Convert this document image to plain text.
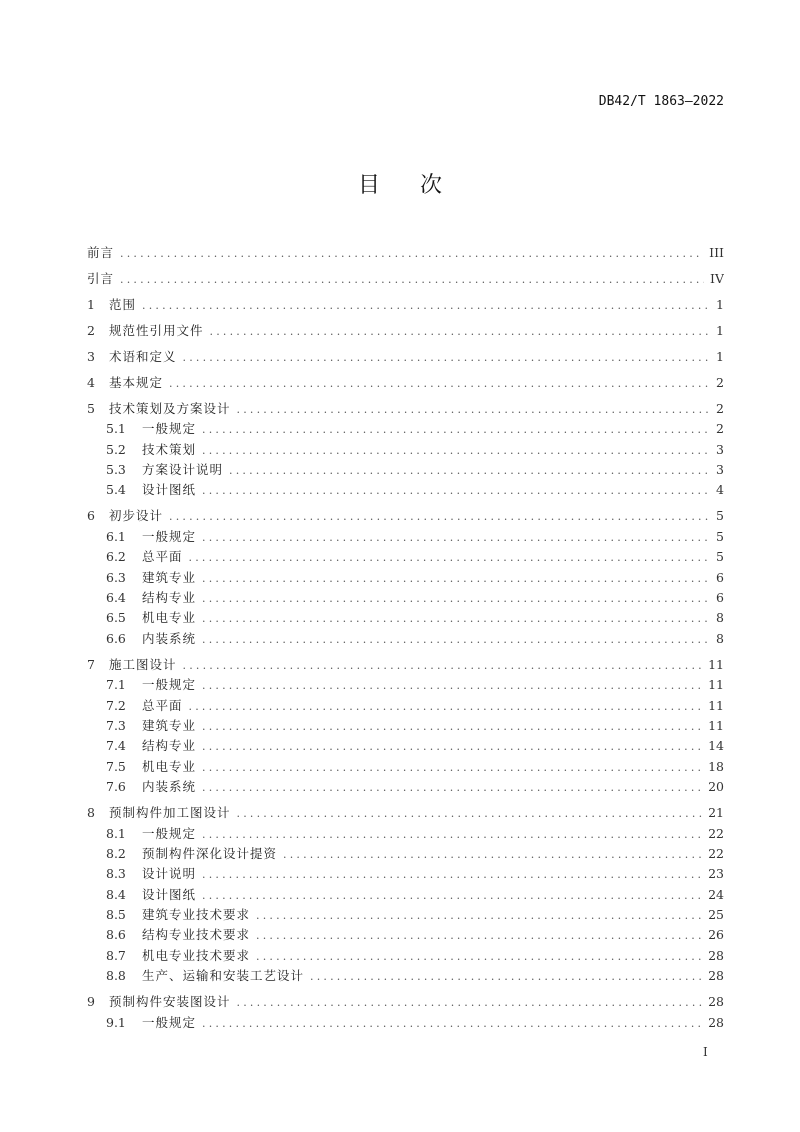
DB42/T 1863—2022
目次
前言 .....	III
引言 .....	IV
1	范围 .....	1
2	规范性引用文件 .....	1
3	术语和定义 .....	1
4	基本规定 .....	2
5	技术策划及方案设计 .....	2
5.1	一般规定 .....	2
5.2	技术策划 .....	3
5.3	方案设计说明 .....	3
5.4	设计图纸 .....	4
6	初步设计 .....	5
6.1	一般规定 .....	5
6.2	总平面 .....	5
6.3	建筑专业 .....	6
6.4	结构专业 .....	6
6.5	机电专业 .....	8
6.6	内装系统 .....	8
7	施工图设计 .....	11
7.1	一般规定 .....	11
7.2	总平面 .....	11
7.3	建筑专业 .....	11
7.4	结构专业 .....	14
7.5	机电专业 .....	18
7.6	内装系统 .....	20
8	预制构件加工图设计 .....	21
8.1	一般规定 .....	22
8.2	预制构件深化设计提资 .....	22
8.3	设计说明 .....	23
8.4	设计图纸 .....	24
8.5	建筑专业技术要求 .....	25
8.6	结构专业技术要求 .....	26
8.7	机电专业技术要求 .....	28
8.8	生产、运输和安装工艺设计 .....	28
9	预制构件安装图设计 .....	28
9.1	一般规定 .....	28
I
